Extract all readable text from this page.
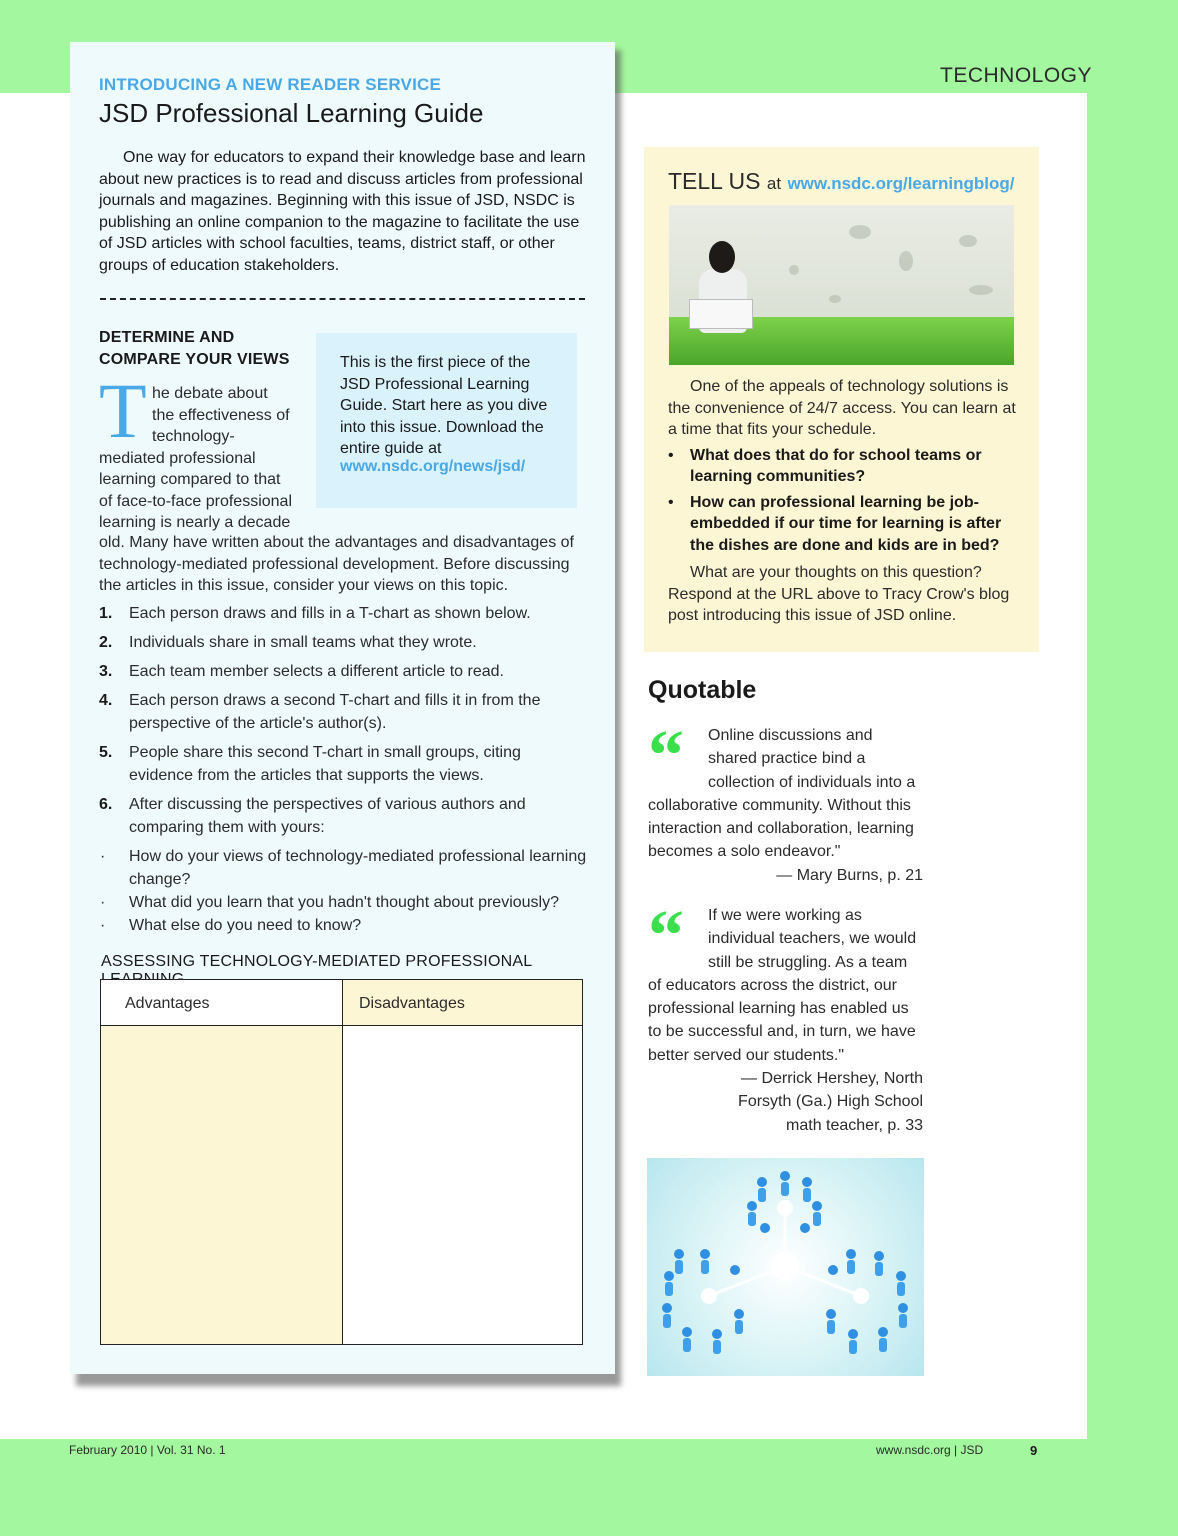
TECHNOLOGY
INTRODUCING A NEW READER SERVICE
JSD Professional Learning Guide
One way for educators to expand their knowledge base and learn about new practices is to read and discuss articles from professional journals and magazines. Beginning with this issue of JSD, NSDC is publishing an online companion to the magazine to facilitate the use of JSD articles with school faculties, teams, district staff, or other groups of education stakeholders.
DETERMINE AND COMPARE YOUR VIEWS	This is the first piece of the JSD Professional Learning Guide. Start here as you dive into this issue. Download the entire guide at
www.nsdc.org/news/jsd/
T he debate about
the effectiveness of
technology-
mediated professional
learning compared to that
of face-to-face professional
learning is nearly a decade
old. Many have written about the advantages and disadvantages of technology-mediated professional development. Before discussing the articles in this issue, consider your views on this topic.
1. Each person draws and fills in a T-chart as shown below.
2. Individuals share in small teams what they wrote.
3. Each team member selects a different article to read.
4. Each person draws a second T-chart and fills it in from the perspective of the article's author(s).
5. People share this second T-chart in small groups, citing evidence from the articles that supports the views.
6. After discussing the perspectives of various authors and comparing them with yours:
· How do your views of technology-mediated professional learning change?
· What did you learn that you hadn't thought about previously?
· What else do you need to know?
ASSESSING TECHNOLOGY-MEDIATED PROFESSIONAL
Advantages	Disadvantages
TELL US at www.nsdc.org/learningblog/
One of the appeals of technology solutions is the convenience of 24/7 access. You can learn at a time that fits your schedule.
• What does that do for school teams or learning communities?
• How can professional learning be job-embedded if our time for learning is after the dishes are done and kids are in bed?
What are your thoughts on this question? Respond at the URL above to Tracy Crow's blog post introducing this issue of JSD online.
Quotable
“	Online discussions and shared practice bind a collection of individuals into a collaborative community. Without this interaction and collaboration, learning becomes a solo endeavor."
— Mary Burns, p. 21
“	If we were working as individual teachers, we would still be struggling. As a team of educators across the district, our professional learning has enabled us to be successful and, in turn, we have better served our students."
— Derrick Hershey, North Forsyth (Ga.) High School math teacher, p. 33
February 2010 | Vol. 31 No. 1	www.nsdc.org | JSD	9
